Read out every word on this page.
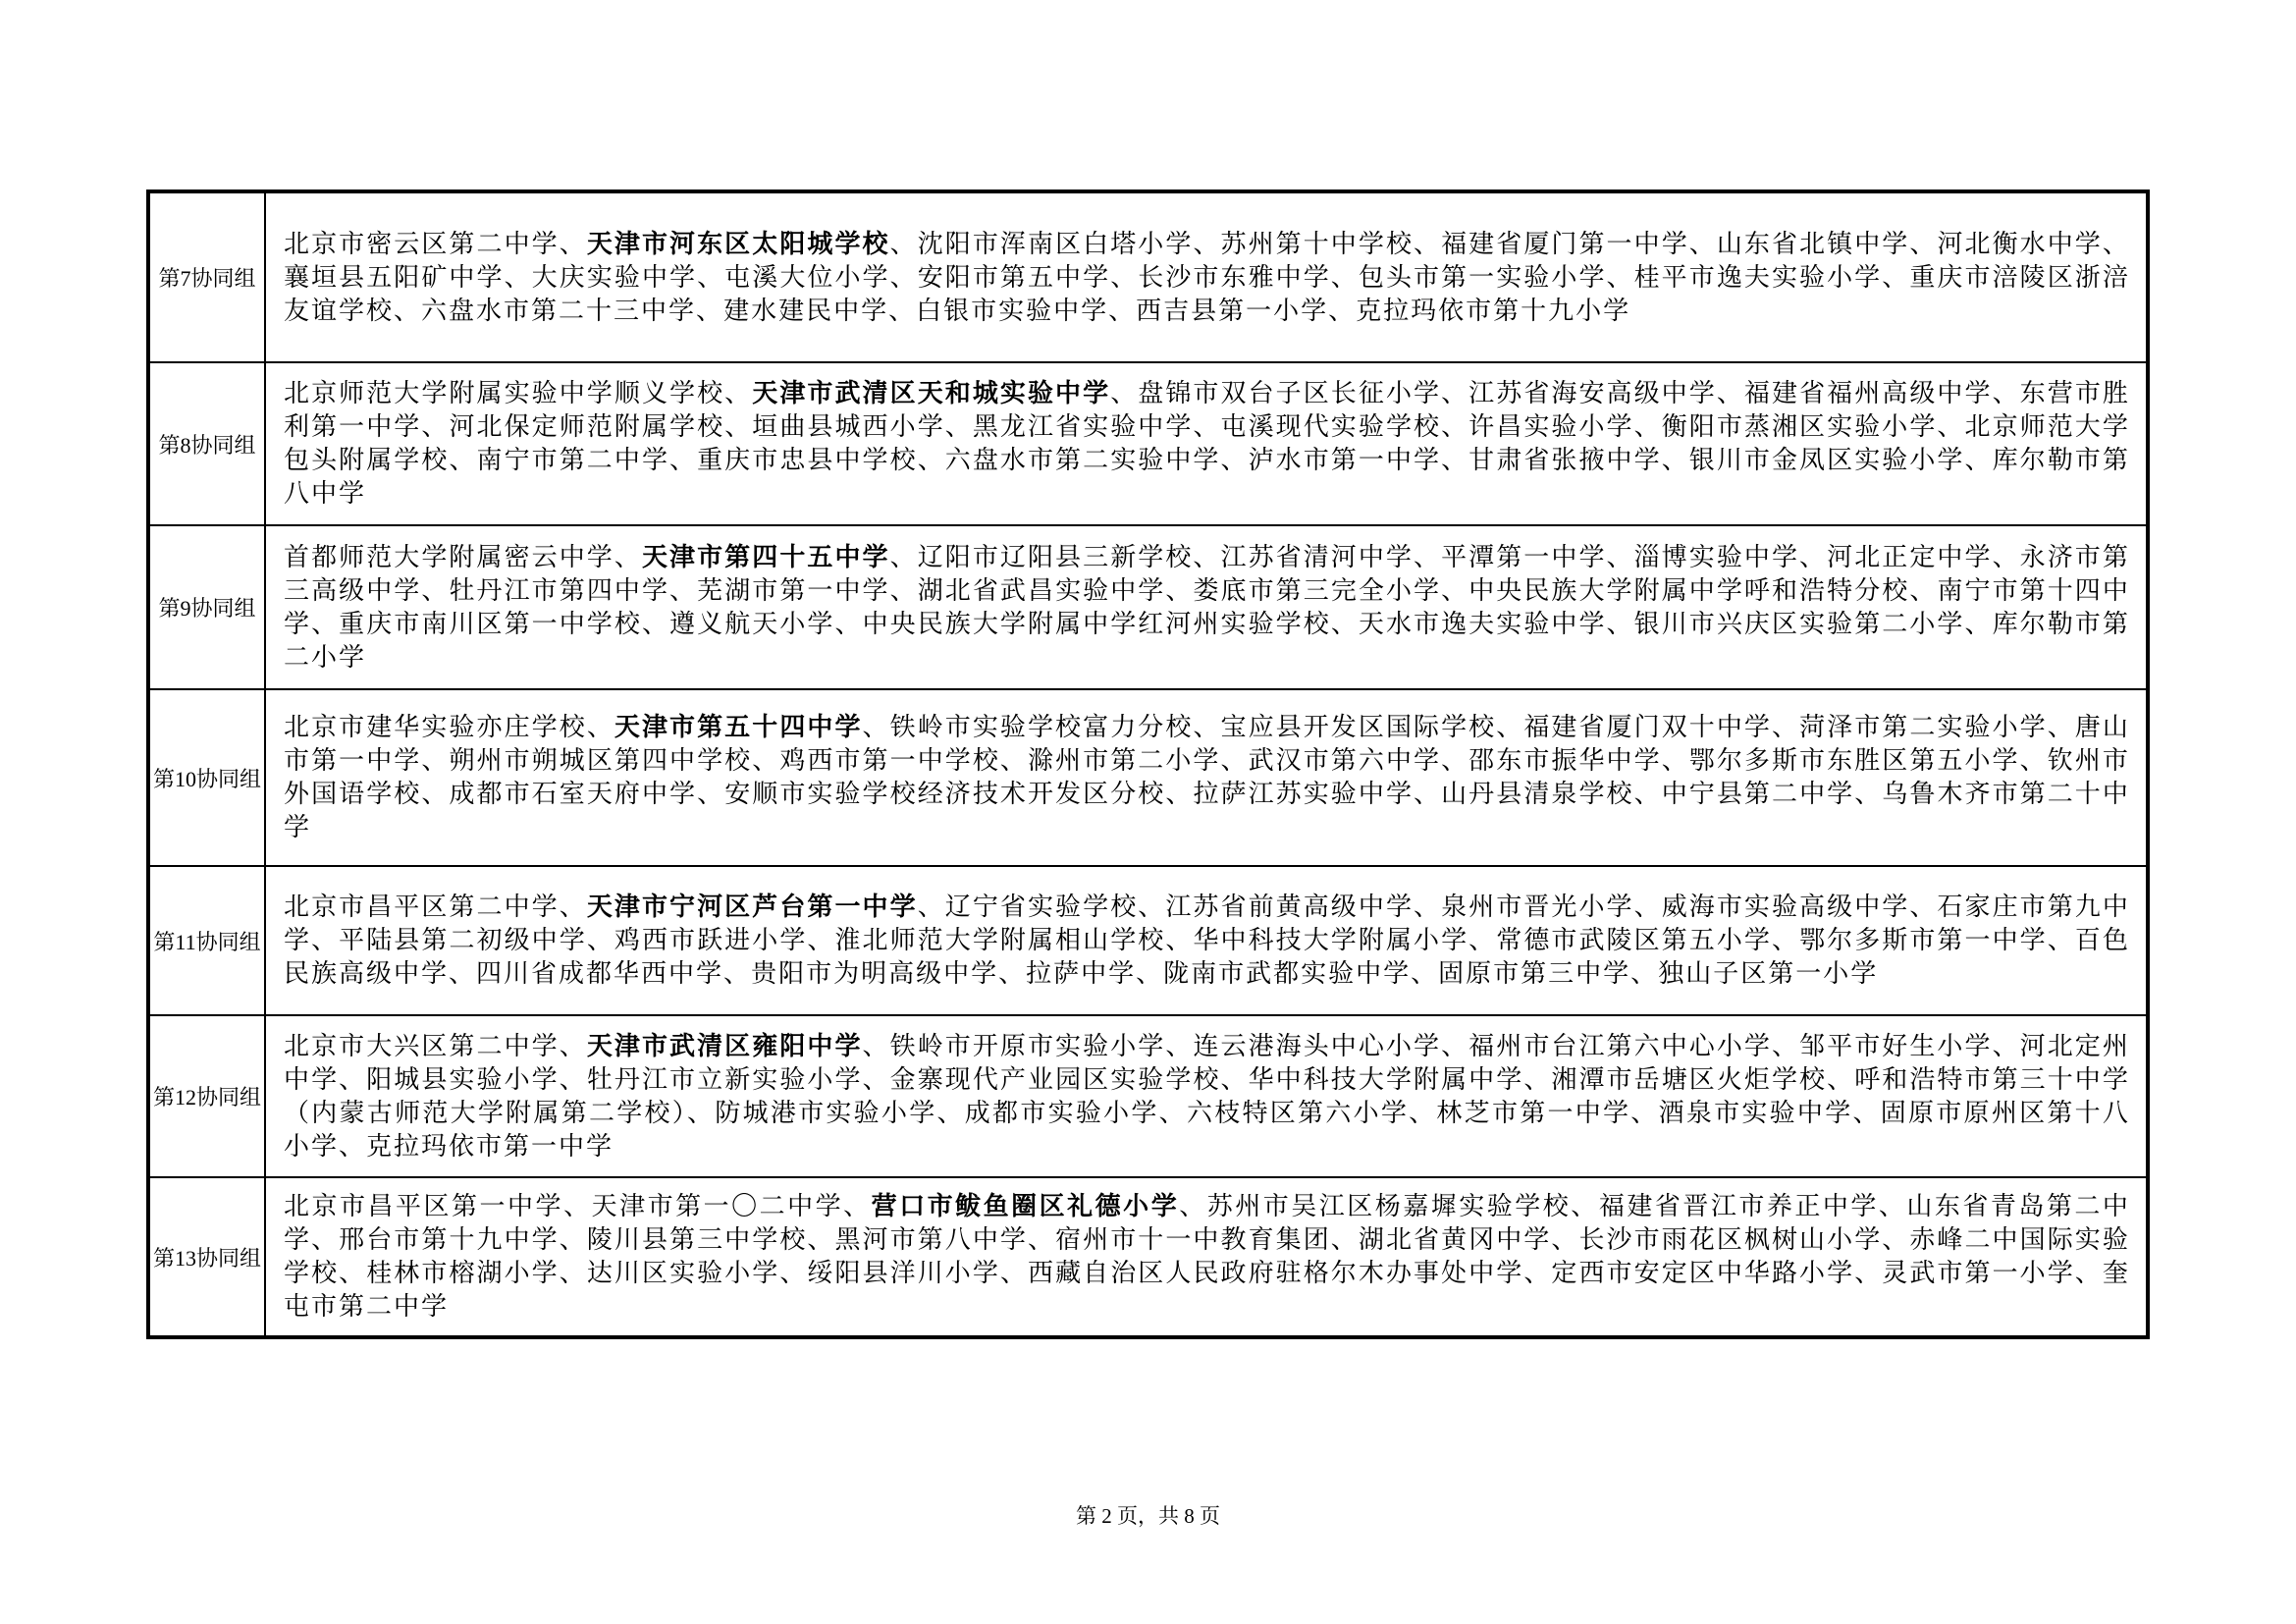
第7协同组	北京市密云区第二中学、天津市河东区太阳城学校、沈阳市浑南区白塔小学、苏州第十中学校、福建省厦门第一中学、山东省北镇中学、河北衡水中学、襄垣县五阳矿中学、大庆实验中学、屯溪大位小学、安阳市第五中学、长沙市东雅中学、包头市第一实验小学、桂平市逸夫实验小学、重庆市涪陵区浙涪友谊学校、六盘水市第二十三中学、建水建民中学、白银市实验中学、西吉县第一小学、克拉玛依市第十九小学
第8协同组	北京师范大学附属实验中学顺义学校、天津市武清区天和城实验中学、盘锦市双台子区长征小学、江苏省海安高级中学、福建省福州高级中学、东营市胜利第一中学、河北保定师范附属学校、垣曲县城西小学、黑龙江省实验中学、屯溪现代实验学校、许昌实验小学、衡阳市蒸湘区实验小学、北京师范大学包头附属学校、南宁市第二中学、重庆市忠县中学校、六盘水市第二实验中学、泸水市第一中学、甘肃省张掖中学、银川市金凤区实验小学、库尔勒市第八中学
第9协同组	首都师范大学附属密云中学、天津市第四十五中学、辽阳市辽阳县三新学校、江苏省清河中学、平潭第一中学、淄博实验中学、河北正定中学、永济市第三高级中学、牡丹江市第四中学、芜湖市第一中学、湖北省武昌实验中学、娄底市第三完全小学、中央民族大学附属中学呼和浩特分校、南宁市第十四中学、重庆市南川区第一中学校、遵义航天小学、中央民族大学附属中学红河州实验学校、天水市逸夫实验中学、银川市兴庆区实验第二小学、库尔勒市第二小学
第10协同组	北京市建华实验亦庄学校、天津市第五十四中学、铁岭市实验学校富力分校、宝应县开发区国际学校、福建省厦门双十中学、菏泽市第二实验小学、唐山市第一中学、朔州市朔城区第四中学校、鸡西市第一中学校、滁州市第二小学、武汉市第六中学、邵东市振华中学、鄂尔多斯市东胜区第五小学、钦州市外国语学校、成都市石室天府中学、安顺市实验学校经济技术开发区分校、拉萨江苏实验中学、山丹县清泉学校、中宁县第二中学、乌鲁木齐市第二十中学
第11协同组	北京市昌平区第二中学、天津市宁河区芦台第一中学、辽宁省实验学校、江苏省前黄高级中学、泉州市晋光小学、威海市实验高级中学、石家庄市第九中学、平陆县第二初级中学、鸡西市跃进小学、淮北师范大学附属相山学校、华中科技大学附属小学、常德市武陵区第五小学、鄂尔多斯市第一中学、百色民族高级中学、四川省成都华西中学、贵阳市为明高级中学、拉萨中学、陇南市武都实验中学、固原市第三中学、独山子区第一小学
第12协同组	北京市大兴区第二中学、天津市武清区雍阳中学、铁岭市开原市实验小学、连云港海头中心小学、福州市台江第六中心小学、邹平市好生小学、河北定州中学、阳城县实验小学、牡丹江市立新实验小学、金寨现代产业园区实验学校、华中科技大学附属中学、湘潭市岳塘区火炬学校、呼和浩特市第三十中学（内蒙古师范大学附属第二学校）、防城港市实验小学、成都市实验小学、六枝特区第六小学、林芝市第一中学、酒泉市实验中学、固原市原州区第十八小学、克拉玛依市第一中学
第13协同组	北京市昌平区第一中学、天津市第一〇二中学、营口市鲅鱼圈区礼德小学、苏州市吴江区杨嘉墀实验学校、福建省晋江市养正中学、山东省青岛第二中学、邢台市第十九中学、陵川县第三中学校、黑河市第八中学、宿州市十一中教育集团、湖北省黄冈中学、长沙市雨花区枫树山小学、赤峰二中国际实验学校、桂林市榕湖小学、达川区实验小学、绥阳县洋川小学、西藏自治区人民政府驻格尔木办事处中学、定西市安定区中华路小学、灵武市第一小学、奎屯市第二中学
第 2 页，共 8 页
